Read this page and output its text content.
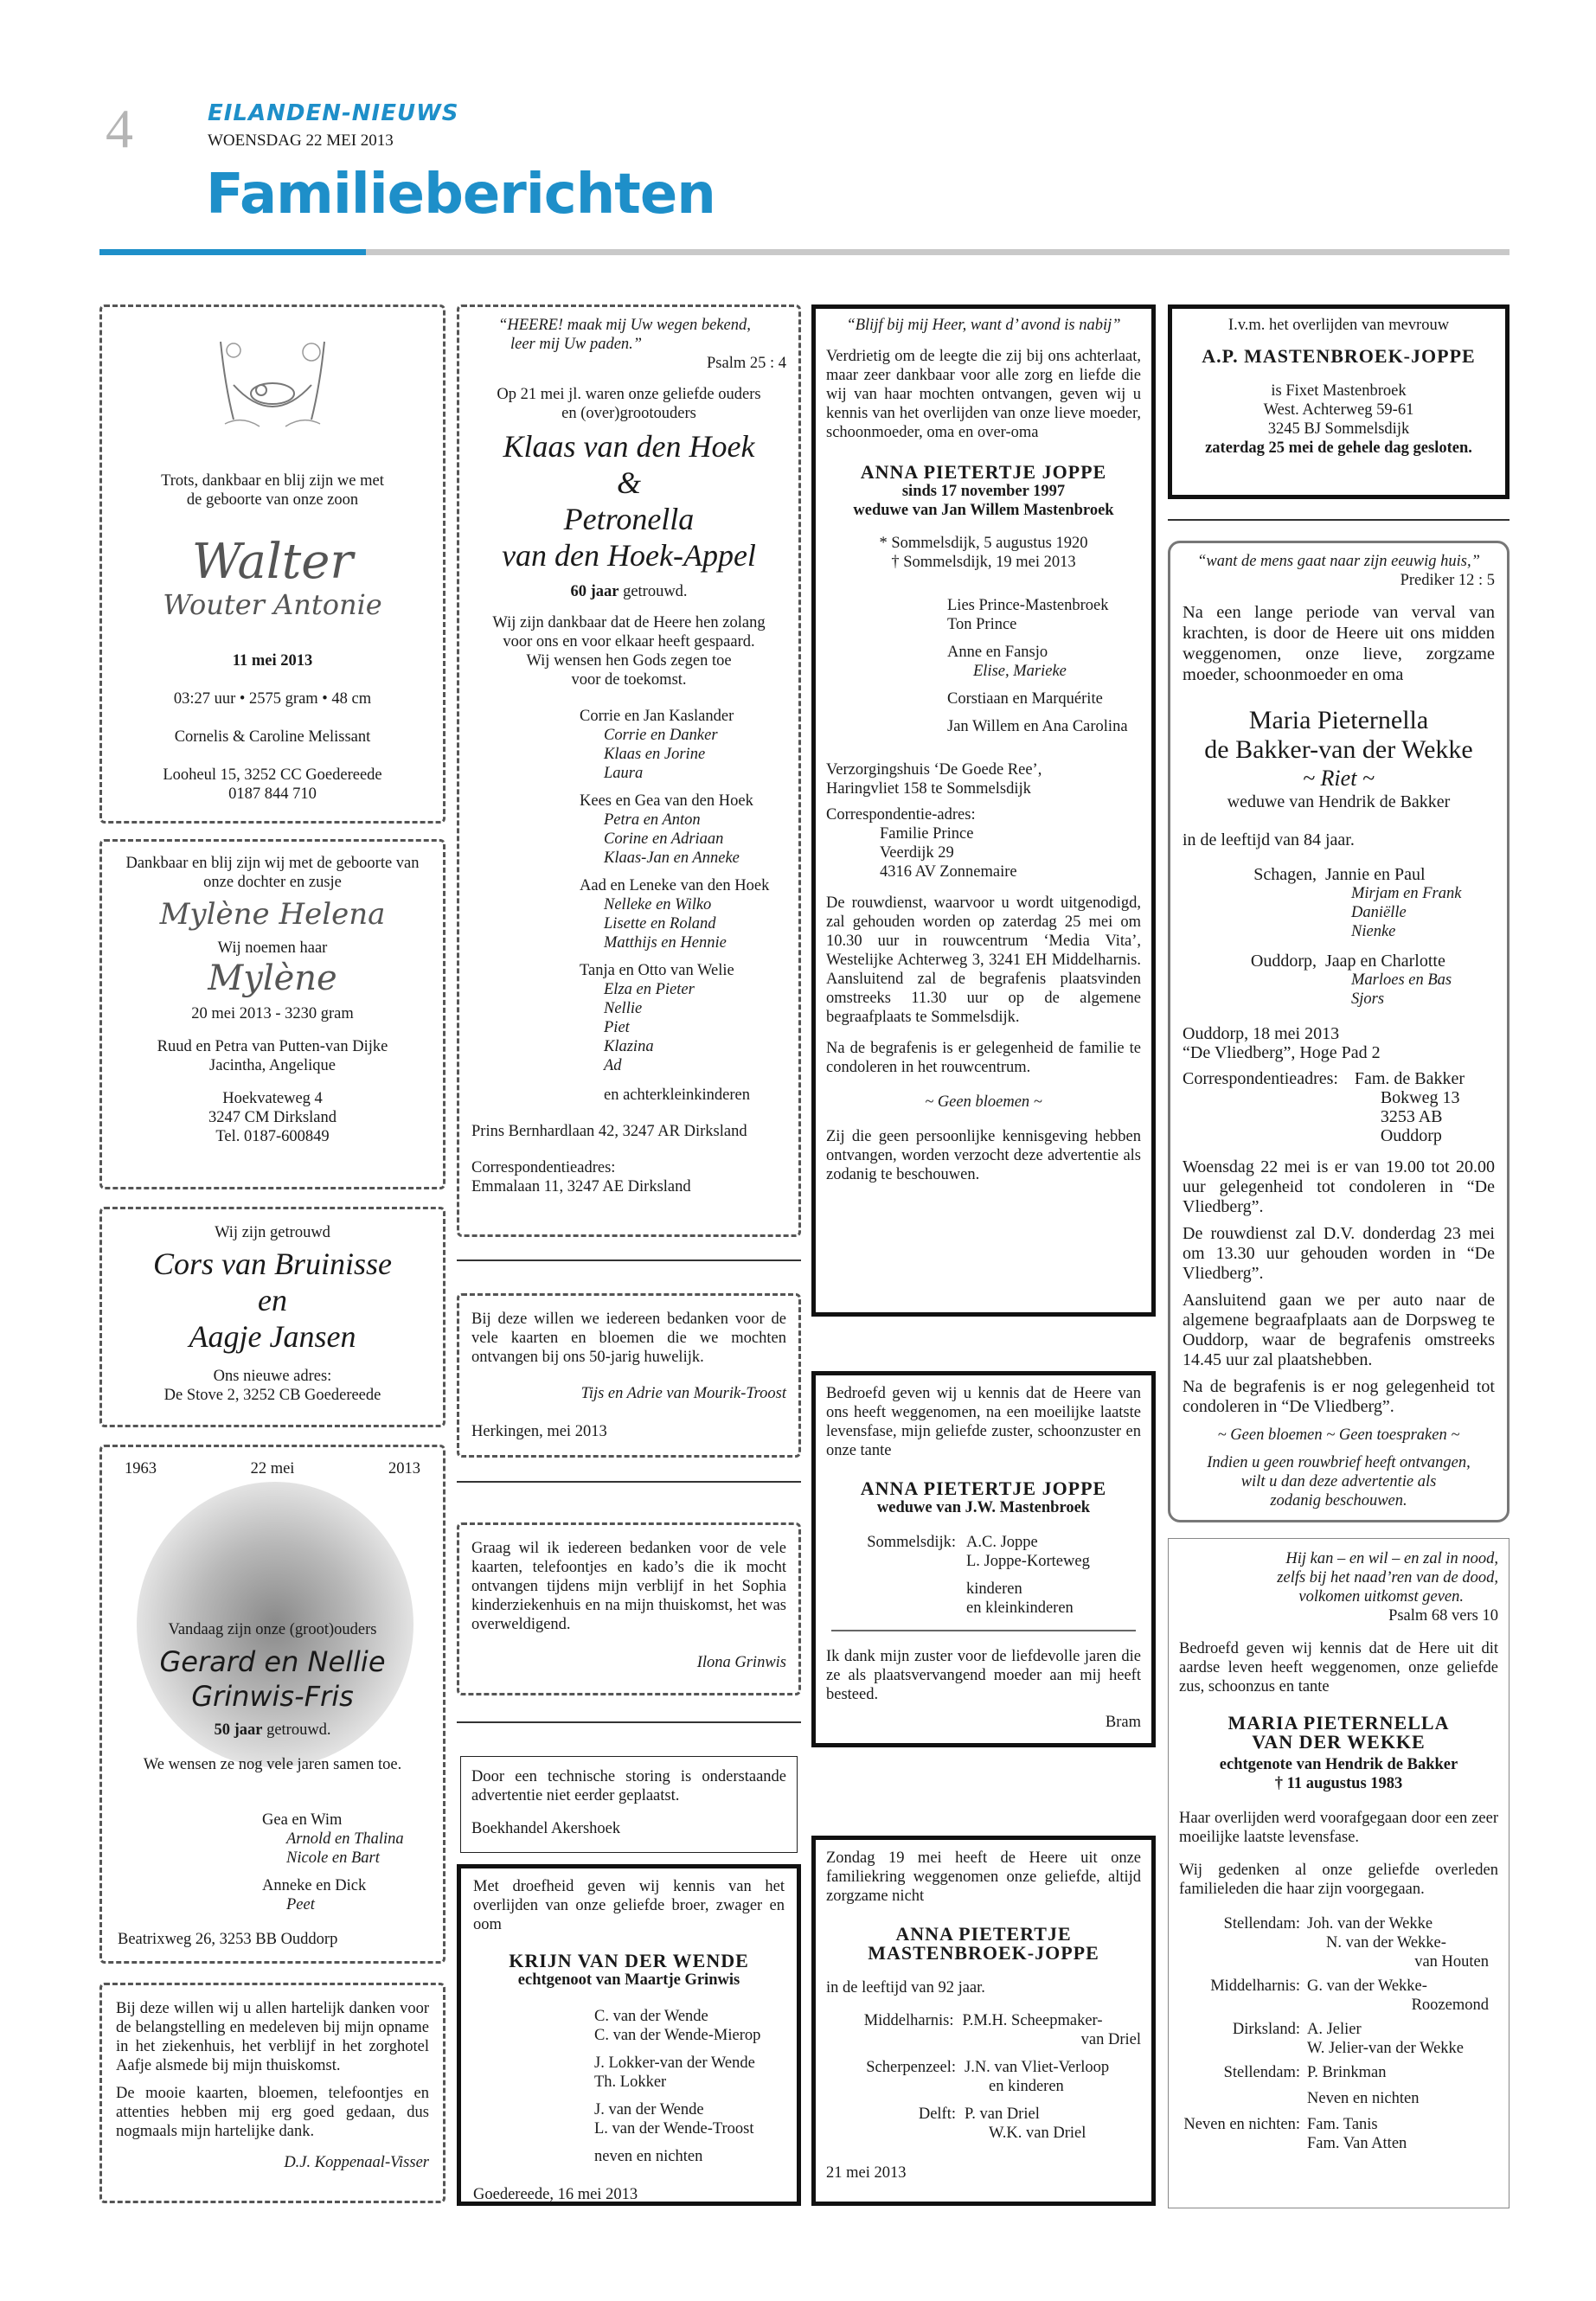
4	EILANDEN-NIEUWS
WOENSDAG 22 MEI 2013
Familieberichten
Trots, dankbaar en blij zijn we met de geboorte van onze zoon
Walter
Wouter Antonie
11 mei 2013
03:27 uur • 2575 gram • 48 cm
Cornelis & Caroline Melissant
Looheul 15, 3252 CC Goedereede
0187 844 710
Dankbaar en blij zijn wij met de geboorte van onze dochter en zusje
Mylène Helena
Wij noemen haar
Mylène
20 mei 2013 - 3230 gram
Ruud en Petra van Putten-van Dijke
Jacintha, Angelique
Hoekvateweg 4
3247 CM Dirksland
Tel. 0187-600849
Wij zijn getrouwd
Cors van Bruinisse
en
Aagje Jansen
Ons nieuwe adres:
De Stove 2, 3252 CB Goedereede
1963	22 mei	2013
Vandaag zijn onze (groot)ouders
Gerard en Nellie
Grinwis-Fris
50 jaar getrouwd.
We wensen ze nog vele jaren samen toe.
Gea en Wim
Arnold en Thalina
Nicole en Bart
Anneke en Dick
Peet
Beatrixweg 26, 3253 BB Ouddorp
Bij deze willen wij u allen hartelijk danken voor de belangstelling en medeleven bij mijn opname in het ziekenhuis, het verblijf in het zorghotel Aafje alsmede bij mijn thuiskomst.
De mooie kaarten, bloemen, telefoontjes en attenties hebben mij erg goed gedaan, dus nogmaals mijn hartelijke dank.
D.J. Koppenaal-Visser
“HEERE! maak mij Uw wegen bekend,
leer mij Uw paden.”
Psalm 25 : 4
Op 21 mei jl. waren onze geliefde ouders
en (over)grootouders
Klaas van den Hoek
&
Petronella
van den Hoek-Appel
60 jaar getrouwd.
Wij zijn dankbaar dat de Heere hen zolang
voor ons en voor elkaar heeft gespaard.
Wij wensen hen Gods zegen toe
voor de toekomst.
Corrie en Jan Kaslander
Corrie en Danker
Klaas en Jorine
Laura
Kees en Gea van den Hoek
Petra en Anton
Corine en Adriaan
Klaas-Jan en Anneke
Aad en Leneke van den Hoek
Nelleke en Wilko
Lisette en Roland
Matthijs en Hennie
Tanja en Otto van Welie
Elza en Pieter
Nellie
Piet
Klazina
Ad
en achterkleinkinderen
Prins Bernhardlaan 42, 3247 AR Dirksland
Correspondentieadres:
Emmalaan 11, 3247 AE Dirksland
Bij deze willen we iedereen bedanken voor de vele kaarten en bloemen die we mochten ontvangen bij ons 50-jarig huwelijk.
Tijs en Adrie van Mourik-Troost
Herkingen, mei 2013
Graag wil ik iedereen bedanken voor de vele kaarten, telefoontjes en kado’s die ik mocht ontvangen tijdens mijn verblijf in het Sophia kinderziekenhuis en na mijn thuiskomst, het was overweldigend.
Ilona Grinwis
Door een technische storing is onderstaande advertentie niet eerder geplaatst.
Boekhandel Akershoek
Met droefheid geven wij kennis van het overlijden van onze geliefde broer, zwager en oom
KRIJN VAN DER WENDE
echtgenoot van Maartje Grinwis
C. van der Wende
C. van der Wende-Mierop
J. Lokker-van der Wende
Th. Lokker
J. van der Wende
L. van der Wende-Troost
neven en nichten
Goedereede, 16 mei 2013
“Blijf bij mij Heer, want d’ avond is nabij”
Verdrietig om de leegte die zij bij ons achterlaat, maar zeer dankbaar voor alle zorg en liefde die wij van haar mochten ontvangen, geven wij u kennis van het overlijden van onze lieve moeder, schoonmoeder, oma en over-oma
ANNA PIETERTJE JOPPE
sinds 17 november 1997
weduwe van Jan Willem Mastenbroek
* Sommelsdijk, 5 augustus 1920
† Sommelsdijk, 19 mei 2013
Lies Prince-Mastenbroek
Ton Prince
Anne en Fansjo
Elise, Marieke
Corstiaan en Marquérite
Jan Willem en Ana Carolina
Verzorgingshuis ‘De Goede Ree’,
Haringvliet 158 te Sommelsdijk
Correspondentie-adres:
Familie Prince
Veerdijk 29
4316 AV Zonnemaire
De rouwdienst, waarvoor u wordt uitgenodigd, zal gehouden worden op zaterdag 25 mei om 10.30 uur in rouwcentrum ‘Media Vita’, Westelijke Achterweg 3, 3241 EH Middelharnis. Aansluitend zal de begrafenis plaatsvinden omstreeks 11.30 uur op de algemene begraafplaats te Sommelsdijk.
Na de begrafenis is er gelegenheid de familie te condoleren in het rouwcentrum.
~ Geen bloemen ~
Zij die geen persoonlijke kennisgeving hebben ontvangen, worden verzocht deze advertentie als zodanig te beschouwen.
Bedroefd geven wij u kennis dat de Heere van ons heeft weggenomen, na een moeilijke laatste levensfase, mijn geliefde zuster, schoonzuster en onze tante
ANNA PIETERTJE JOPPE
weduwe van J.W. Mastenbroek
Sommelsdijk: A.C. Joppe
L. Joppe-Korteweg
kinderen
en kleinkinderen
Ik dank mijn zuster voor de liefdevolle jaren die ze als plaatsvervangend moeder aan mij heeft besteed.
Bram
Zondag 19 mei heeft de Heere uit onze familiekring weggenomen onze geliefde, altijd zorgzame nicht
ANNA PIETERTJE
MASTENBROEK-JOPPE
in de leeftijd van 92 jaar.
Middelharnis: P.M.H. Scheepmaker-
van Driel
Scherpenzeel: J.N. van Vliet-Verloop
en kinderen
Delft: P. van Driel
W.K. van Driel
21 mei 2013
I.v.m. het overlijden van mevrouw
A.P. MASTENBROEK-JOPPE
is Fixet Mastenbroek
West. Achterweg 59-61
3245 BJ Sommelsdijk
zaterdag 25 mei de gehele dag gesloten.
“want de mens gaat naar zijn eeuwig huis,”
Prediker 12 : 5
Na een lange periode van verval van krachten, is door de Heere uit ons midden weggenomen, onze lieve, zorgzame moeder, schoonmoeder en oma
Maria Pieternella
de Bakker-van der Wekke
~ Riet ~
weduwe van Hendrik de Bakker
in de leeftijd van 84 jaar.
Schagen, Jannie en Paul
Mirjam en Frank
Daniëlle
Nienke
Ouddorp, Jaap en Charlotte
Marloes en Bas
Sjors
Ouddorp, 18 mei 2013
“De Vliedberg”, Hoge Pad 2
Correspondentieadres: Fam. de Bakker
Bokweg 13
3253 AB Ouddorp
Woensdag 22 mei is er van 19.00 tot 20.00 uur gelegenheid tot condoleren in “De Vliedberg”.
De rouwdienst zal D.V. donderdag 23 mei om 13.30 uur gehouden worden in “De Vliedberg”.
Aansluitend gaan we per auto naar de algemene begraafplaats aan de Dorpsweg te Ouddorp, waar de begrafenis omstreeks 14.45 uur zal plaatshebben.
Na de begrafenis is er nog gelegenheid tot condoleren in “De Vliedberg”.
~ Geen bloemen ~ Geen toespraken ~
Indien u geen rouwbrief heeft ontvangen,
wilt u dan deze advertentie als
zodanig beschouwen.
Hij kan – en wil – en zal in nood,
zelfs bij het naad’ren van de dood,
volkomen uitkomst geven.
Psalm 68 vers 10
Bedroefd geven wij kennis dat de Here uit dit aardse leven heeft weggenomen, onze geliefde zus, schoonzus en tante
MARIA PIETERNELLA
VAN DER WEKKE
echtgenote van Hendrik de Bakker
† 11 augustus 1983
Haar overlijden werd voorafgegaan door een zeer moeilijke laatste levensfase.
Wij gedenken al onze geliefde overleden familieleden die haar zijn voorgegaan.
Stellendam: Joh. van der Wekke
N. van der Wekke-
van Houten
Middelharnis: G. van der Wekke-
Roozemond
Dirksland: A. Jelier
W. Jelier-van der Wekke
Stellendam: P. Brinkman
Neven en nichten
Neven en nichten: Fam. Tanis
Fam. Van Atten
